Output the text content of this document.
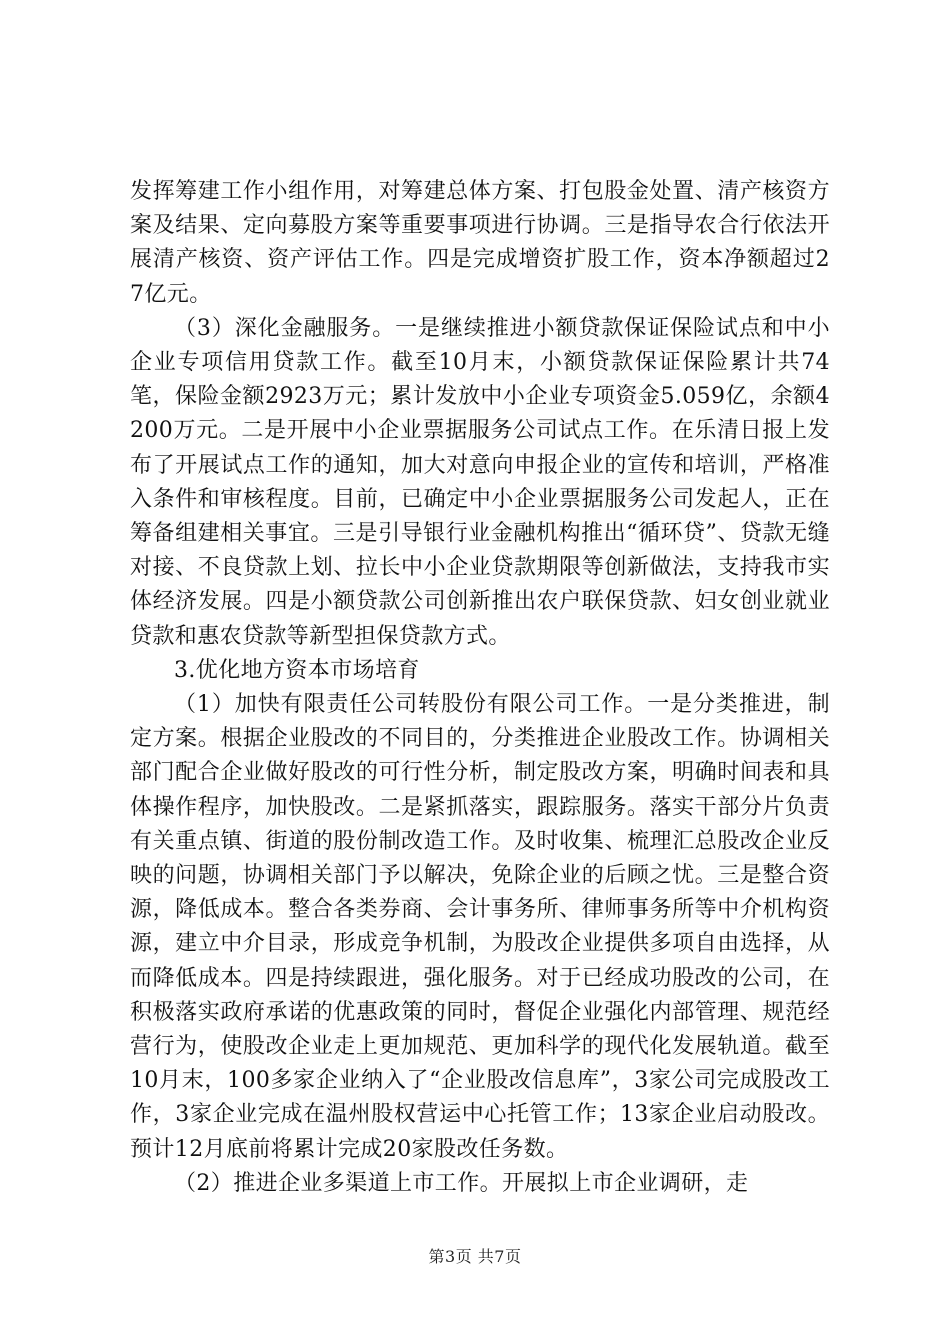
发挥筹建工作小组作用，对筹建总体方案、打包股金处置、清产核资方案及结果、定向募股方案等重要事项进行协调。三是指导农合行依法开展清产核资、资产评估工作。四是完成增资扩股工作，资本净额超过27亿元。

（3）深化金融服务。一是继续推进小额贷款保证保险试点和中小企业专项信用贷款工作。截至10月末，小额贷款保证保险累计共74笔，保险金额2923万元；累计发放中小企业专项资金5.059亿，余额4200万元。二是开展中小企业票据服务公司试点工作。在乐清日报上发布了开展试点工作的通知，加大对意向申报企业的宣传和培训，严格准入条件和审核程度。目前，已确定中小企业票据服务公司发起人，正在筹备组建相关事宜。三是引导银行业金融机构推出“循环贷”、贷款无缝对接、不良贷款上划、拉长中小企业贷款期限等创新做法，支持我市实体经济发展。四是小额贷款公司创新推出农户联保贷款、妇女创业就业贷款和惠农贷款等新型担保贷款方式。

3.优化地方资本市场培育

（1）加快有限责任公司转股份有限公司工作。一是分类推进，制定方案。根据企业股改的不同目的，分类推进企业股改工作。协调相关部门配合企业做好股改的可行性分析，制定股改方案，明确时间表和具体操作程序，加快股改。二是紧抓落实，跟踪服务。落实干部分片负责有关重点镇、街道的股份制改造工作。及时收集、梳理汇总股改企业反映的问题，协调相关部门予以解决，免除企业的后顾之忧。三是整合资源，降低成本。整合各类券商、会计事务所、律师事务所等中介机构资源，建立中介目录，形成竞争机制，为股改企业提供多项自由选择，从而降低成本。四是持续跟进，强化服务。对于已经成功股改的公司，在积极落实政府承诺的优惠政策的同时，督促企业强化内部管理、规范经营行为，使股改企业走上更加规范、更加科学的现代化发展轨道。截至10月末，100多家企业纳入了“企业股改信息库”，3家公司完成股改工作，3家企业完成在温州股权营运中心托管工作；13家企业启动股改。预计12月底前将累计完成20家股改任务数。

（2）推进企业多渠道上市工作。开展拟上市企业调研，走

第3页 共7页
